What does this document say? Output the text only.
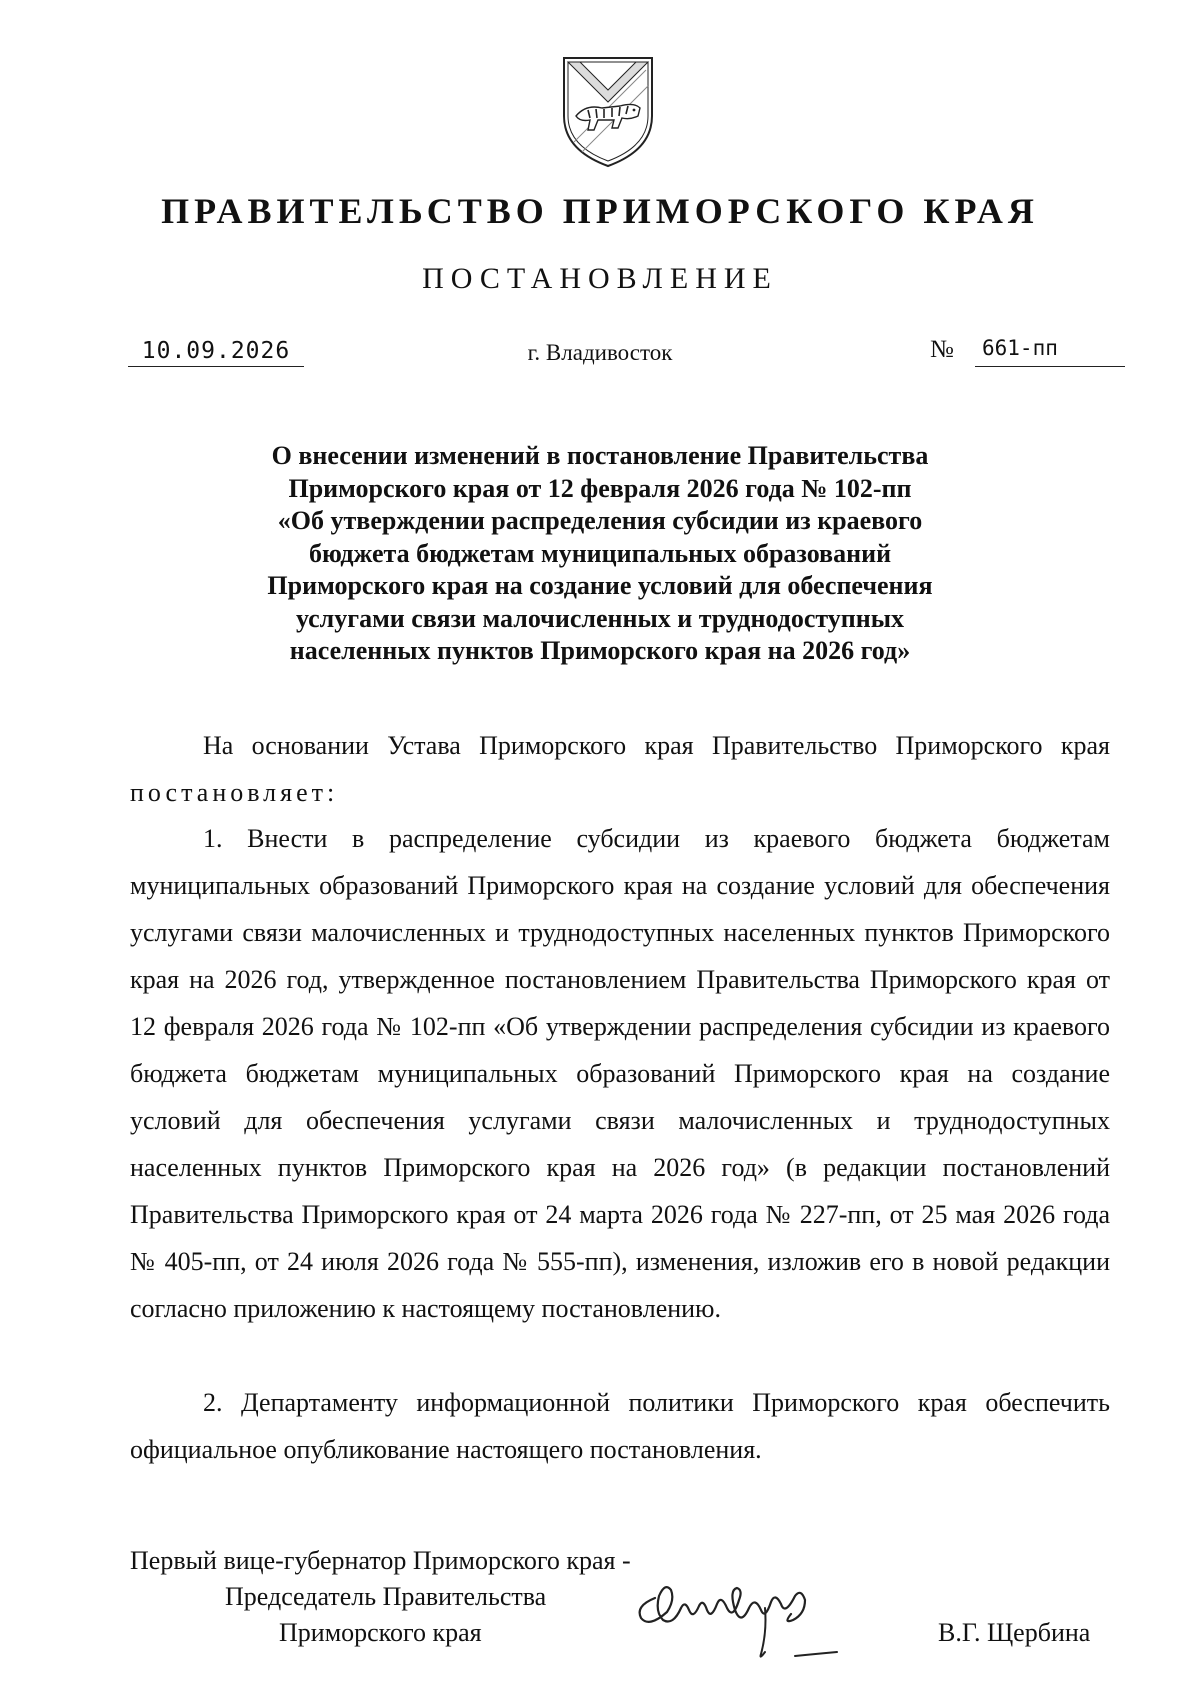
ПРАВИТЕЛЬСТВО ПРИМОРСКОГО КРАЯ
ПОСТАНОВЛЕНИЕ
10.09.2026	г. Владивосток	№ 661-пп
О внесении изменений в постановление Правительства
Приморского края от 12 февраля 2026 года № 102-пп
«Об утверждении распределения субсидии из краевого
бюджета бюджетам муниципальных образований
Приморского края на создание условий для обеспечения
услугами связи малочисленных и труднодоступных
населенных пунктов Приморского края на 2026 год»
На основании Устава Приморского края Правительство Приморского края постановляет:
1. Внести в распределение субсидии из краевого бюджета бюджетам муниципальных образований Приморского края на создание условий для обеспечения услугами связи малочисленных и труднодоступных населенных пунктов Приморского края на 2026 год, утвержденное постановлением Правительства Приморского края от 12 февраля 2026 года № 102-пп «Об утверждении распределения субсидии из краевого бюджета бюджетам муниципальных образований Приморского края на создание условий для обеспечения услугами связи малочисленных и труднодоступных населенных пунктов Приморского края на 2026 год» (в редакции постановлений Правительства Приморского края от 24 марта 2026 года № 227-пп, от 25 мая 2026 года № 405-пп, от 24 июля 2026 года № 555-пп), изменения, изложив его в новой редакции согласно приложению к настоящему постановлению.
2. Департаменту информационной политики Приморского края обеспечить официальное опубликование настоящего постановления.
Первый вице-губернатор Приморского края -
Председатель Правительства
Приморского края	В.Г. Щербина
